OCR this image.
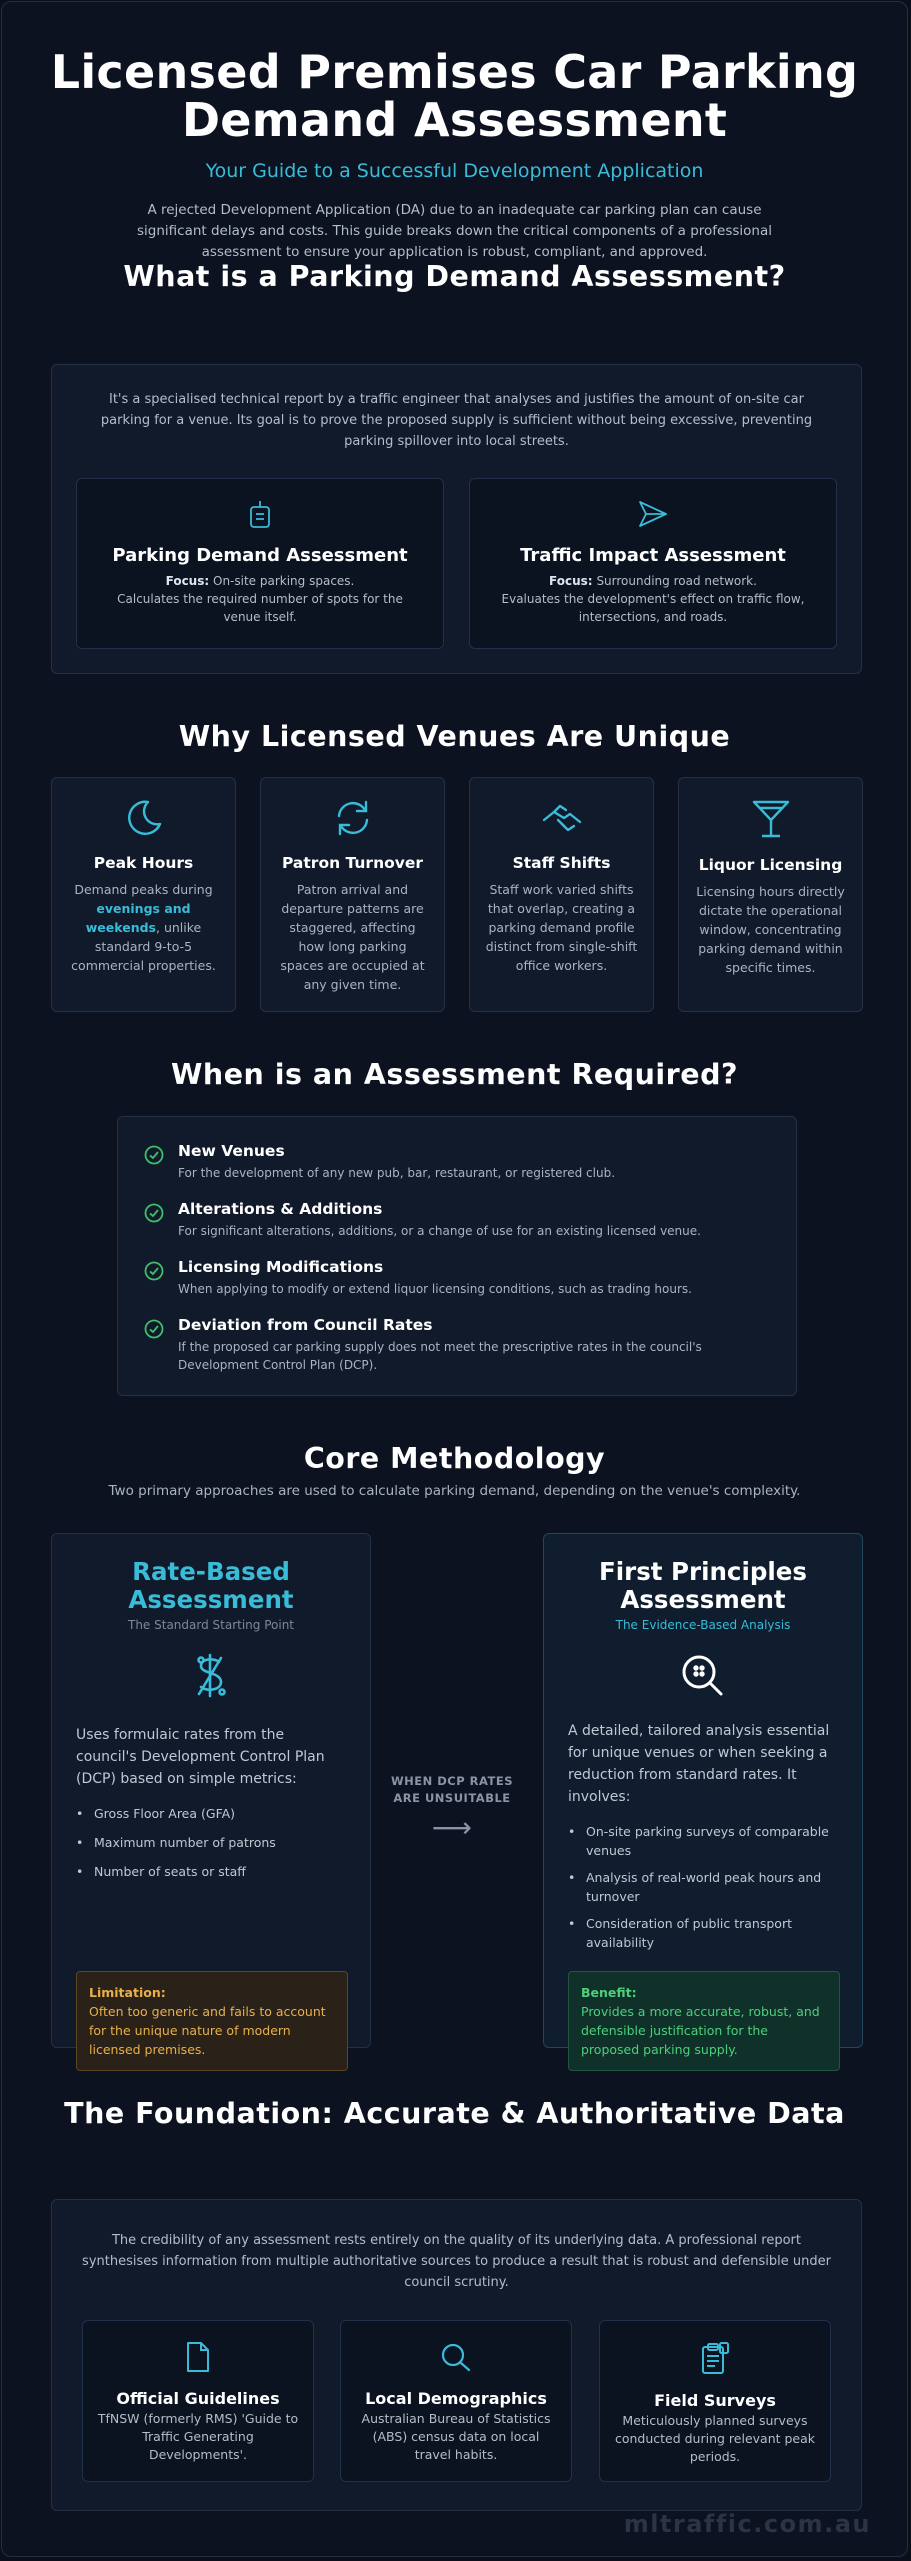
Licensed Premises Car Parking
Demand Assessment
Your Guide to a Successful Development Application
A rejected Development Application (DA) due to an inadequate car parking plan can cause significant delays and costs. This guide breaks down the critical components of a professional assessment to ensure your application is robust, compliant, and approved.
What is a Parking Demand Assessment?
It's a specialised technical report by a traffic engineer that analyses and justifies the amount of on-site car parking for a venue. Its goal is to prove the proposed supply is sufficient without being excessive, preventing parking spillover into local streets.
Parking Demand Assessment
Focus: On-site parking spaces.
Calculates the required number of spots for the venue itself.
Traffic Impact Assessment
Focus: Surrounding road network.
Evaluates the development's effect on traffic flow, intersections, and roads.
Why Licensed Venues Are Unique
Peak Hours
Demand peaks during evenings and weekends, unlike standard 9-to-5 commercial properties.
Patron Turnover
Patron arrival and departure patterns are staggered, affecting how long parking spaces are occupied at any given time.
Staff Shifts
Staff work varied shifts that overlap, creating a parking demand profile distinct from single-shift office workers.
Liquor Licensing
Licensing hours directly dictate the operational window, concentrating parking demand within specific times.
When is an Assessment Required?
New Venues
For the development of any new pub, bar, restaurant, or registered club.
Alterations & Additions
For significant alterations, additions, or a change of use for an existing licensed venue.
Licensing Modifications
When applying to modify or extend liquor licensing conditions, such as trading hours.
Deviation from Council Rates
If the proposed car parking supply does not meet the prescriptive rates in the council's Development Control Plan (DCP).
Core Methodology
Two primary approaches are used to calculate parking demand, depending on the venue's complexity.
Rate-Based
Assessment
The Standard Starting Point
Uses formulaic rates from the council's Development Control Plan (DCP) based on simple metrics:
• Gross Floor Area (GFA)
• Maximum number of patrons
• Number of seats or staff
Limitation:
Often too generic and fails to account for the unique nature of modern licensed premises.
WHEN DCP RATES
ARE UNSUITABLE
⟶
First Principles
Assessment
The Evidence-Based Analysis
A detailed, tailored analysis essential for unique venues or when seeking a reduction from standard rates. It involves:
• On-site parking surveys of comparable venues
• Analysis of real-world peak hours and turnover
• Consideration of public transport availability
Benefit:
Provides a more accurate, robust, and defensible justification for the proposed parking supply.
The Foundation: Accurate & Authoritative Data
The credibility of any assessment rests entirely on the quality of its underlying data. A professional report synthesises information from multiple authoritative sources to produce a result that is robust and defensible under council scrutiny.
Official Guidelines
TfNSW (formerly RMS) 'Guide to Traffic Generating Developments'.
Local Demographics
Australian Bureau of Statistics (ABS) census data on local travel habits.
Field Surveys
Meticulously planned surveys conducted during relevant peak periods.
mltraffic.com.au
